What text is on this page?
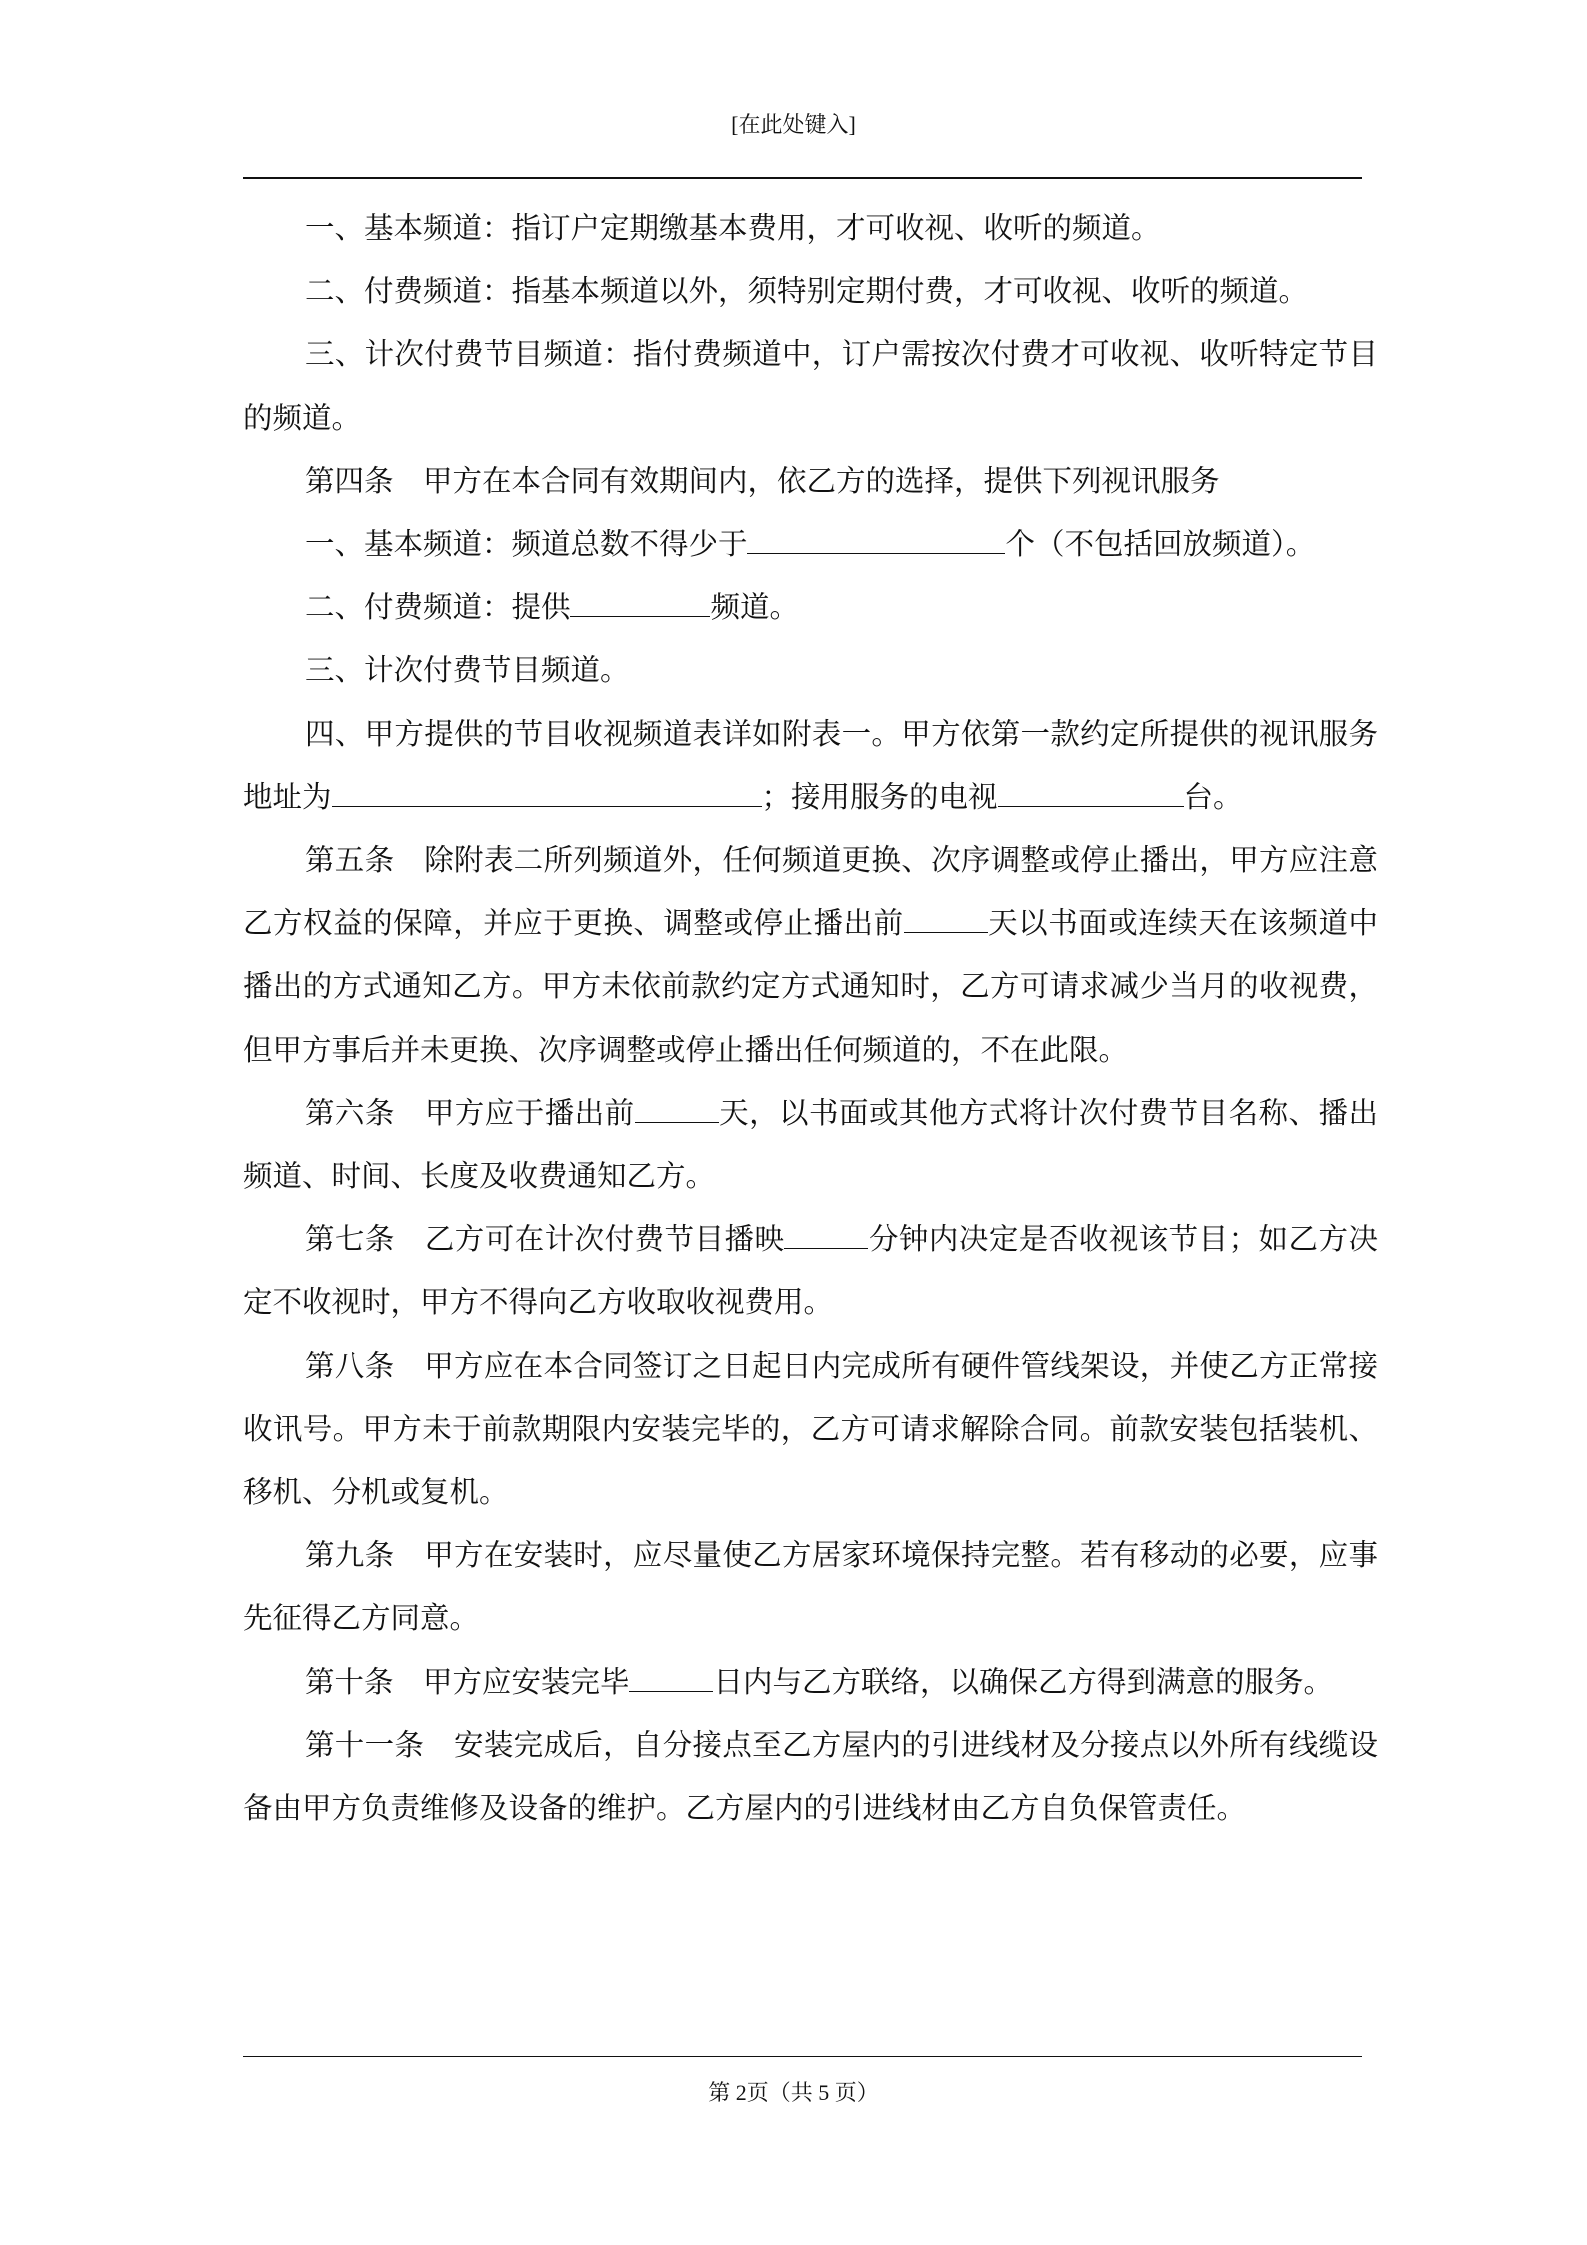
[在此处键入]

一、基本频道：指订户定期缴基本费用，才可收视、收听的频道。

二、付费频道：指基本频道以外，须特别定期付费，才可收视、收听的频道。

三、计次付费节目频道：指付费频道中，订户需按次付费才可收视、收听特定节目的频道。

第四条　甲方在本合同有效期间内，依乙方的选择，提供下列视讯服务

一、基本频道：频道总数不得少于	个（不包括回放频道）。

二、付费频道：提供	频道。

三、计次付费节目频道。

四、甲方提供的节目收视频道表详如附表一。甲方依第一款约定所提供的视讯服务地址为	；接用服务的电视	台。

第五条　除附表二所列频道外，任何频道更换、次序调整或停止播出，甲方应注意乙方权益的保障，并应于更换、调整或停止播出前	天以书面或连续天在该频道中播出的方式通知乙方。甲方未依前款约定方式通知时，乙方可请求减少当月的收视费，但甲方事后并未更换、次序调整或停止播出任何频道的，不在此限。

第六条　甲方应于播出前	天，以书面或其他方式将计次付费节目名称、播出频道、时间、长度及收费通知乙方。

第七条　乙方可在计次付费节目播映	分钟内决定是否收视该节目；如乙方决定不收视时，甲方不得向乙方收取收视费用。

第八条　甲方应在本合同签订之日起日内完成所有硬件管线架设，并使乙方正常接收讯号。甲方未于前款期限内安装完毕的，乙方可请求解除合同。前款安装包括装机、移机、分机或复机。

第九条　甲方在安装时，应尽量使乙方居家环境保持完整。若有移动的必要，应事先征得乙方同意。

第十条　甲方应安装完毕	日内与乙方联络，以确保乙方得到满意的服务。

第十一条　安装完成后，自分接点至乙方屋内的引进线材及分接点以外所有线缆设备由甲方负责维修及设备的维护。乙方屋内的引进线材由乙方自负保管责任。

第 2页（共 5 页）
